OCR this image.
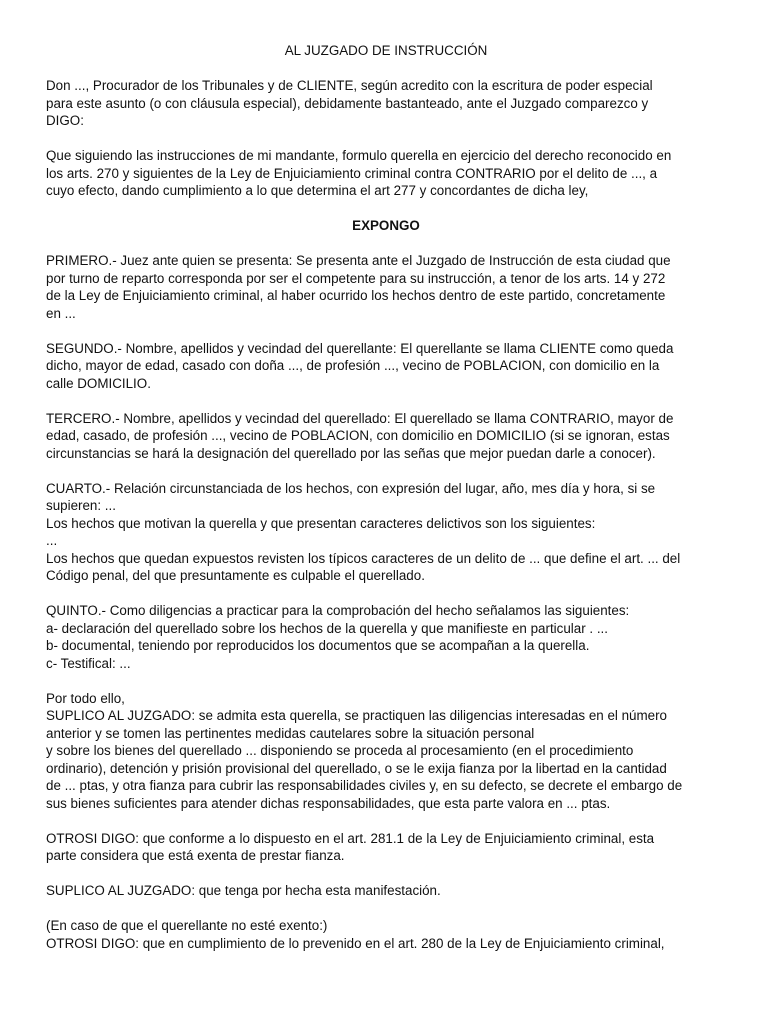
AL JUZGADO DE INSTRUCCIÓN
Don ..., Procurador de los Tribunales y de CLIENTE, según acredito con la escritura de poder especial
para este asunto (o con cláusula especial), debidamente bastanteado, ante el Juzgado comparezco y
DIGO:
Que siguiendo las instrucciones de mi mandante, formulo querella en ejercicio del derecho reconocido en
los arts. 270 y siguientes de la Ley de Enjuiciamiento criminal contra CONTRARIO por el delito de ..., a
cuyo efecto, dando cumplimiento a lo que determina el art 277 y concordantes de dicha ley,
EXPONGO
PRIMERO.- Juez ante quien se presenta: Se presenta ante el Juzgado de Instrucción de esta ciudad que
por turno de reparto corresponda por ser el competente para su instrucción, a tenor de los arts. 14 y 272
de la Ley de Enjuiciamiento criminal, al haber ocurrido los hechos dentro de este partido, concretamente
en ...
SEGUNDO.- Nombre, apellidos y vecindad del querellante: El querellante se llama CLIENTE como queda
dicho, mayor de edad, casado con doña ..., de profesión ..., vecino de POBLACION, con domicilio en la
calle DOMICILIO.
TERCERO.- Nombre, apellidos y vecindad del querellado: El querellado se llama CONTRARIO, mayor de
edad, casado, de profesión ..., vecino de POBLACION, con domicilio en DOMICILIO (si se ignoran, estas
circunstancias se hará la designación del querellado por las señas que mejor puedan darle a conocer).
CUARTO.- Relación circunstanciada de los hechos, con expresión del lugar, año, mes día y hora, si se
supieren: ...
Los hechos que motivan la querella y que presentan caracteres delictivos son los siguientes:
...
Los hechos que quedan expuestos revisten los típicos caracteres de un delito de ... que define el art. ... del
Código penal, del que presuntamente es culpable el querellado.
QUINTO.- Como diligencias a practicar para la comprobación del hecho señalamos las siguientes:
a- declaración del querellado sobre los hechos de la querella y que manifieste en particular . ...
b- documental, teniendo por reproducidos los documentos que se acompañan a la querella.
c- Testifical: ...
Por todo ello,
SUPLICO AL JUZGADO: se admita esta querella, se practiquen las diligencias interesadas en el número
anterior y se tomen las pertinentes medidas cautelares sobre la situación personal
y sobre los bienes del querellado ... disponiendo se proceda al procesamiento (en el procedimiento
ordinario), detención y prisión provisional del querellado, o se le exija fianza por la libertad en la cantidad
de ... ptas, y otra fianza para cubrir las responsabilidades civiles y, en su defecto, se decrete el embargo de
sus bienes suficientes para atender dichas responsabilidades, que esta parte valora en ... ptas.
OTROSI DIGO: que conforme a lo dispuesto en el art. 281.1 de la Ley de Enjuiciamiento criminal, esta
parte considera que está exenta de prestar fianza.
SUPLICO AL JUZGADO: que tenga por hecha esta manifestación.
(En caso de que el querellante no esté exento:)
OTROSI DIGO: que en cumplimiento de lo prevenido en el art. 280 de la Ley de Enjuiciamiento criminal,
